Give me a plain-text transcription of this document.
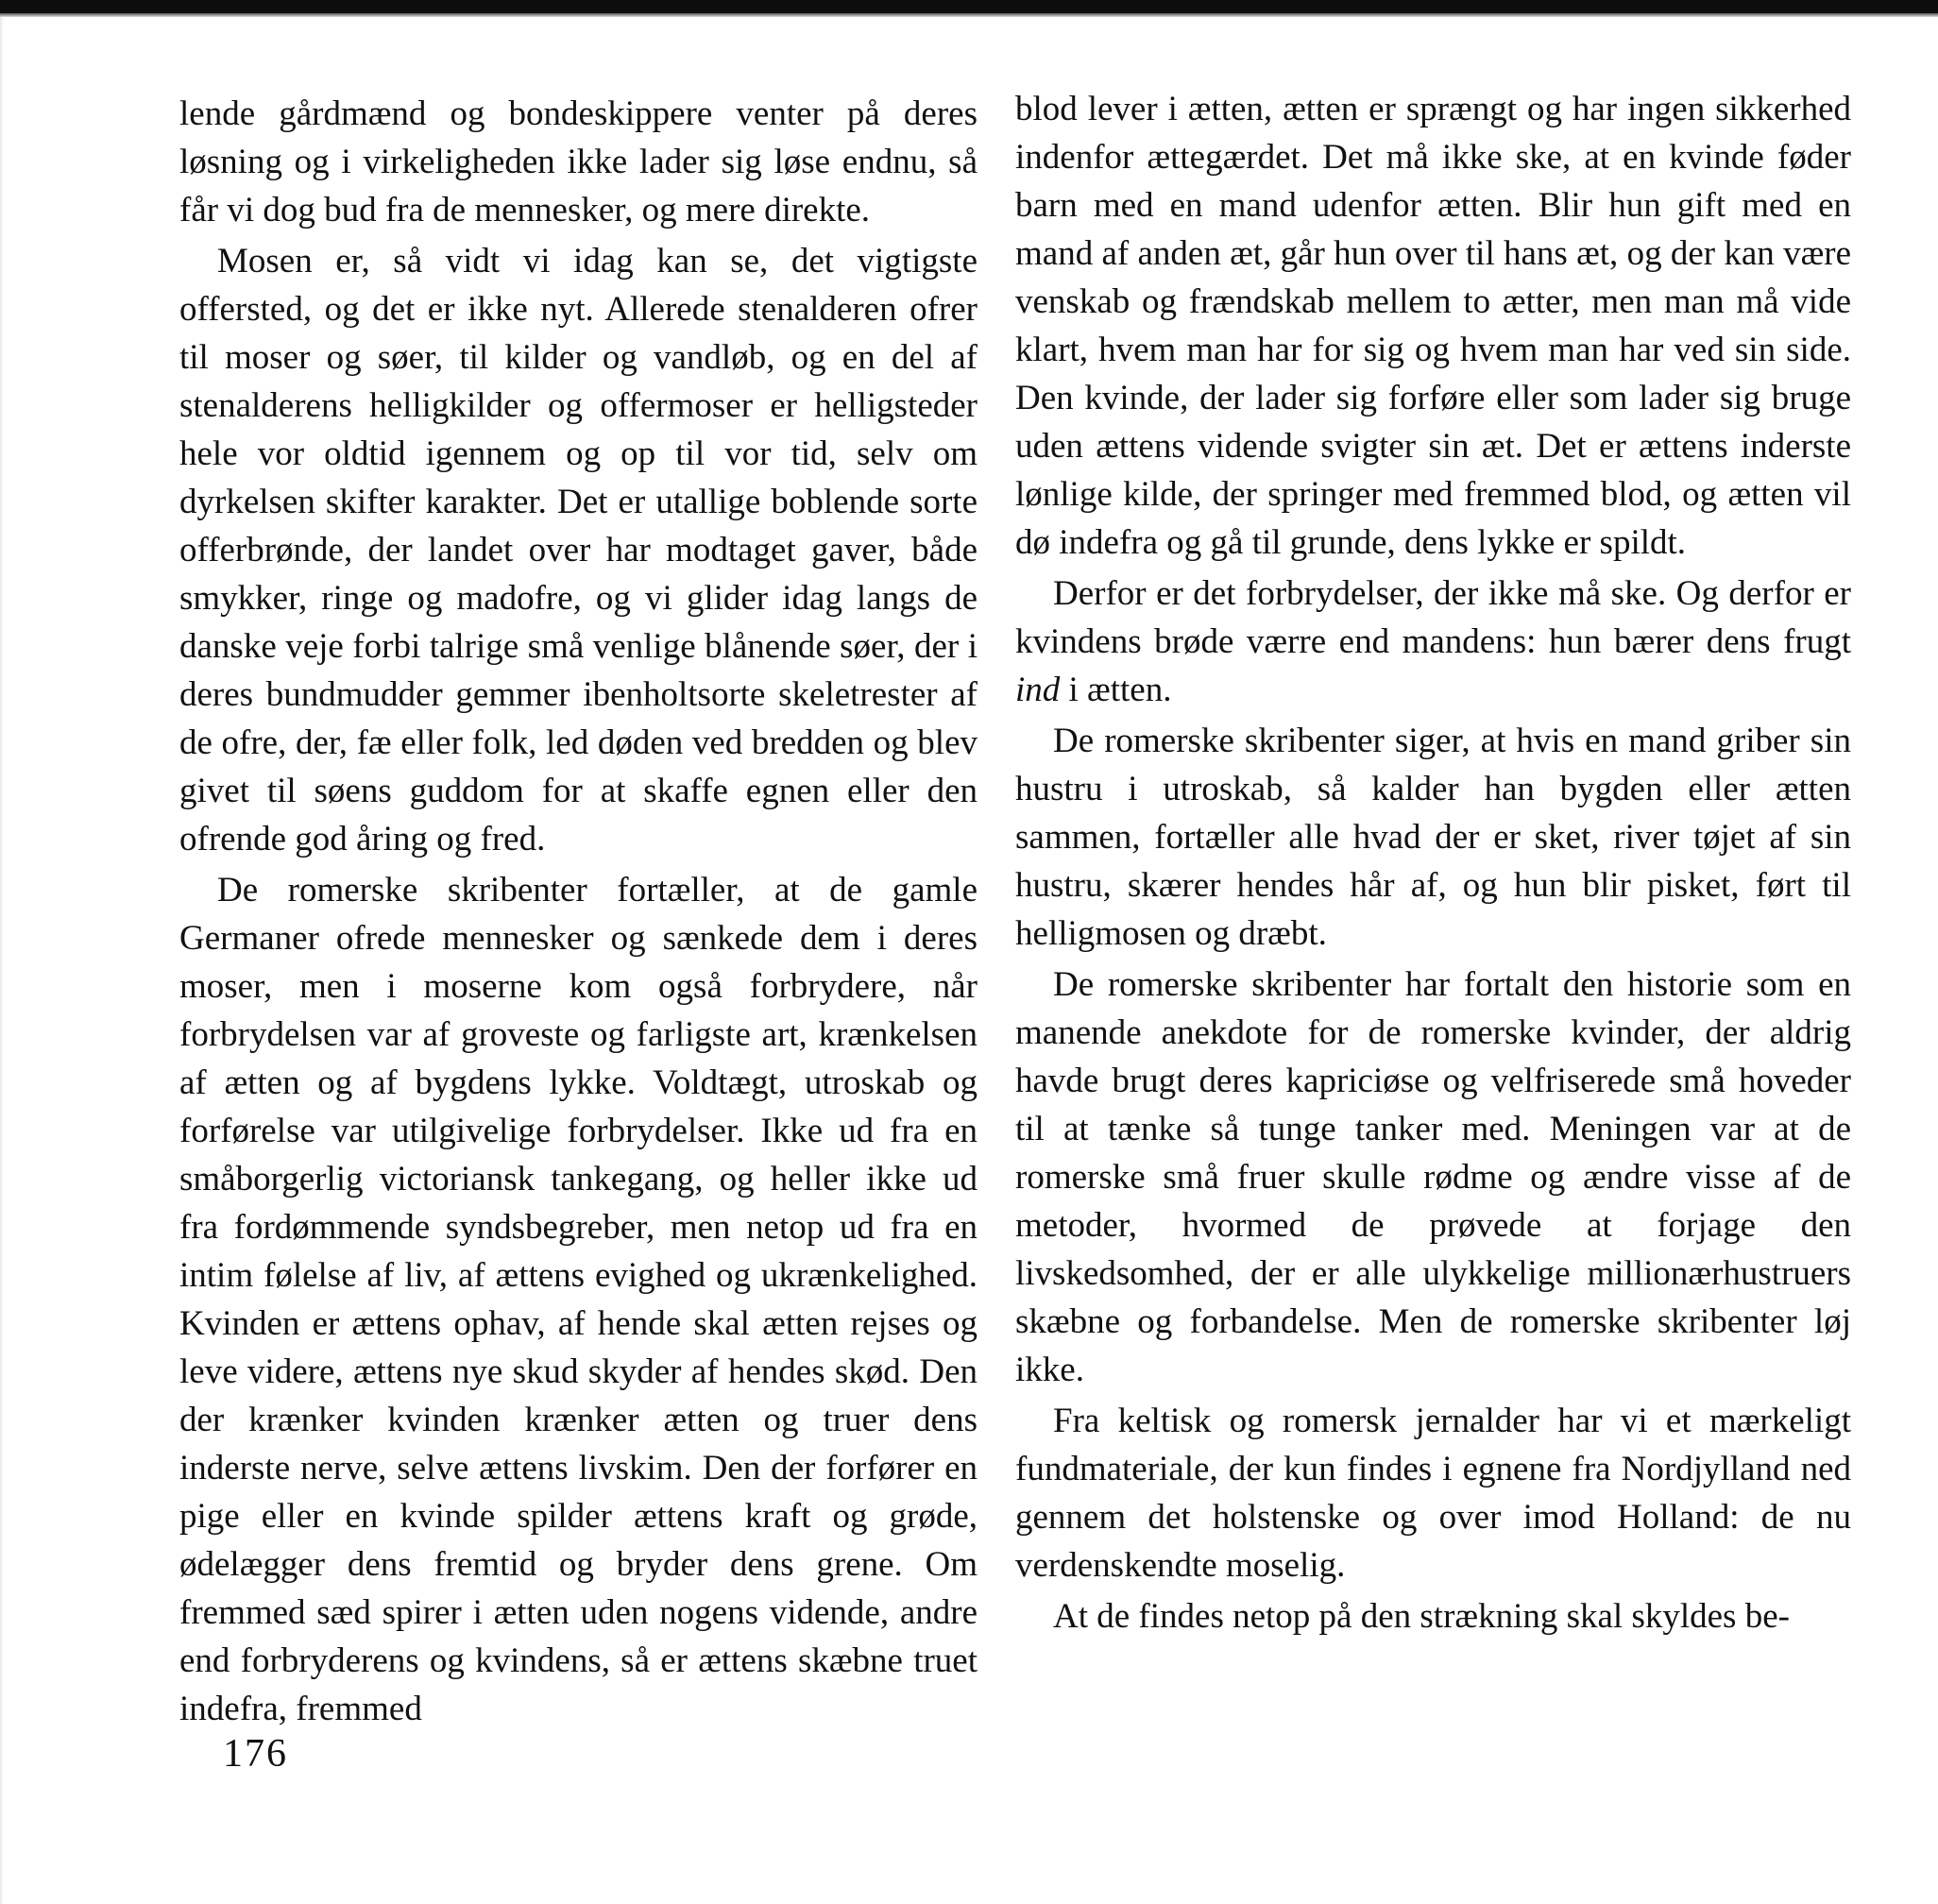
lende gårdmænd og bondeskippere venter på deres løsning og i virkeligheden ikke lader sig løse endnu, så får vi dog bud fra de mennesker, og mere direkte.

Mosen er, så vidt vi idag kan se, det vigtigste offersted, og det er ikke nyt. Allerede stenalderen ofrer til moser og søer, til kilder og vandløb, og en del af stenalderens helligkilder og offermoser er helligsteder hele vor oldtid igennem og op til vor tid, selv om dyrkelsen skifter karakter. Det er utallige boblende sorte offerbrønde, der landet over har modtaget gaver, både smykker, ringe og madofre, og vi glider idag langs de danske veje forbi talrige små venlige blånende søer, der i deres bundmudder gemmer ibenholtsorte skeletrester af de ofre, der, fæ eller folk, led døden ved bredden og blev givet til søens guddom for at skaffe egnen eller den ofrende god åring og fred.

De romerske skribenter fortæller, at de gamle Germaner ofrede mennesker og sænkede dem i deres moser, men i moserne kom også forbrydere, når forbrydelsen var af groveste og farligste art, krænkelsen af ætten og af bygdens lykke. Voldtægt, utroskab og forførelse var utilgivelige forbrydelser. Ikke ud fra en småborgerlig victoriansk tankegang, og heller ikke ud fra fordømmende syndsbegreber, men netop ud fra en intim følelse af liv, af ættens evighed og ukrænkelighed. Kvinden er ættens ophav, af hende skal ætten rejses og leve videre, ættens nye skud skyder af hendes skød. Den der krænker kvinden krænker ætten og truer dens inderste nerve, selve ættens livskim. Den der forfører en pige eller en kvinde spilder ættens kraft og grøde, ødelægger dens fremtid og bryder dens grene. Om fremmed sæd spirer i ætten uden nogens vidende, andre end forbryderens og kvindens, så er ættens skæbne truet indefra, fremmed

blod lever i ætten, ætten er sprængt og har ingen sikkerhed indenfor ættegærdet. Det må ikke ske, at en kvinde føder barn med en mand udenfor ætten. Blir hun gift med en mand af anden æt, går hun over til hans æt, og der kan være venskab og frændskab mellem to ætter, men man må vide klart, hvem man har for sig og hvem man har ved sin side. Den kvinde, der lader sig forføre eller som lader sig bruge uden ættens vidende svigter sin æt. Det er ættens inderste lønlige kilde, der springer med fremmed blod, og ætten vil dø indefra og gå til grunde, dens lykke er spildt.

Derfor er det forbrydelser, der ikke må ske. Og derfor er kvindens brøde værre end mandens: hun bærer dens frugt ind i ætten.

De romerske skribenter siger, at hvis en mand griber sin hustru i utroskab, så kalder han bygden eller ætten sammen, fortæller alle hvad der er sket, river tøjet af sin hustru, skærer hendes hår af, og hun blir pisket, ført til helligmosen og dræbt.

De romerske skribenter har fortalt den historie som en manende anekdote for de romerske kvinder, der aldrig havde brugt deres kapriciøse og velfriserede små hoveder til at tænke så tunge tanker med. Meningen var at de romerske små fruer skulle rødme og ændre visse af de metoder, hvormed de prøvede at forjage den livskedsomhed, der er alle ulykkelige millionærhustruers skæbne og forbandelse. Men de romerske skribenter løj ikke.

Fra keltisk og romersk jernalder har vi et mærkeligt fundmateriale, der kun findes i egnene fra Nordjylland ned gennem det holstenske og over imod Holland: de nu verdenskendte moselig.

At de findes netop på den strækning skal skyldes be-

176
